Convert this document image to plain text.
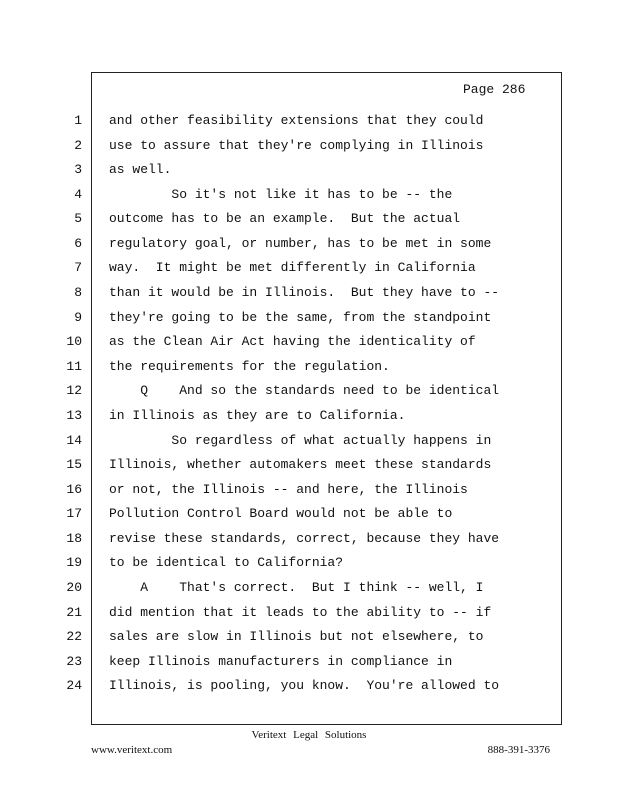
Page 286
1 and other feasibility extensions that they could
2 use to assure that they're complying in Illinois
3 as well.
4 So it's not like it has to be -- the
5 outcome has to be an example.  But the actual
6 regulatory goal, or number, has to be met in some
7 way.  It might be met differently in California
8 than it would be in Illinois.  But they have to --
9 they're going to be the same, from the standpoint
10 as the Clean Air Act having the identicality of
11 the requirements for the regulation.
12 Q    And so the standards need to be identical
13 in Illinois as they are to California.
14 So regardless of what actually happens in
15 Illinois, whether automakers meet these standards
16 or not, the Illinois -- and here, the Illinois
17 Pollution Control Board would not be able to
18 revise these standards, correct, because they have
19 to be identical to California?
20 A    That's correct.  But I think -- well, I
21 did mention that it leads to the ability to -- if
22 sales are slow in Illinois but not elsewhere, to
23 keep Illinois manufacturers in compliance in
24 Illinois, is pooling, you know.  You're allowed to
Veritext Legal Solutions
www.veritext.com	888-391-3376
